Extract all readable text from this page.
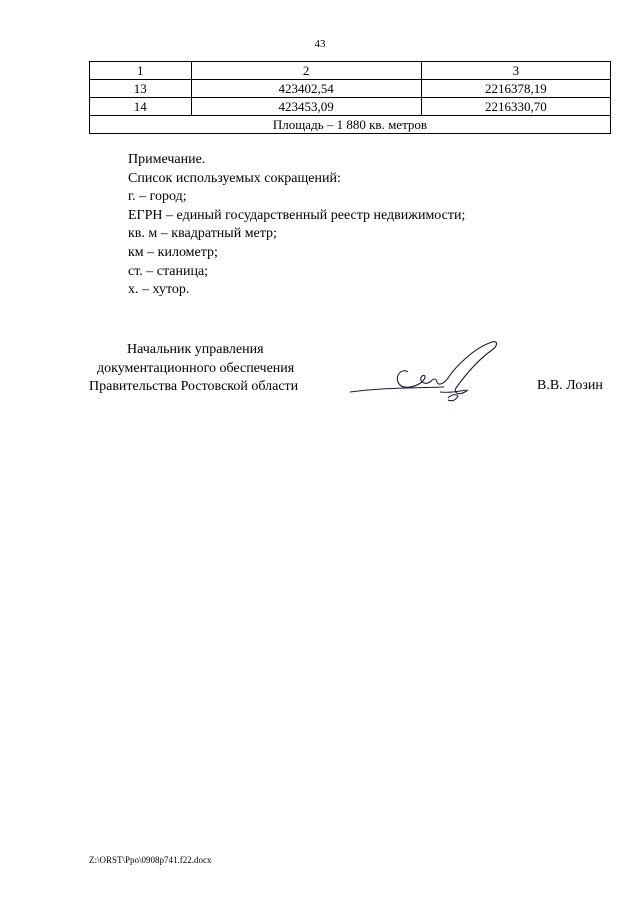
43
1	2	3
13	423402,54	2216378,19
14	423453,09	2216330,70
Площадь – 1 880 кв. метров		
Примечание.
Список используемых сокращений:
г. – город;
ЕГРН – единый государственный реестр недвижимости;
кв. м – квадратный метр;
км – километр;
ст. – станица;
х. – хутор.
Начальник управления
документационного обеспечения
Правительства Ростовской области	В.В. Лозин
Z:\ORST\Ppo\0908p741.f22.docx
